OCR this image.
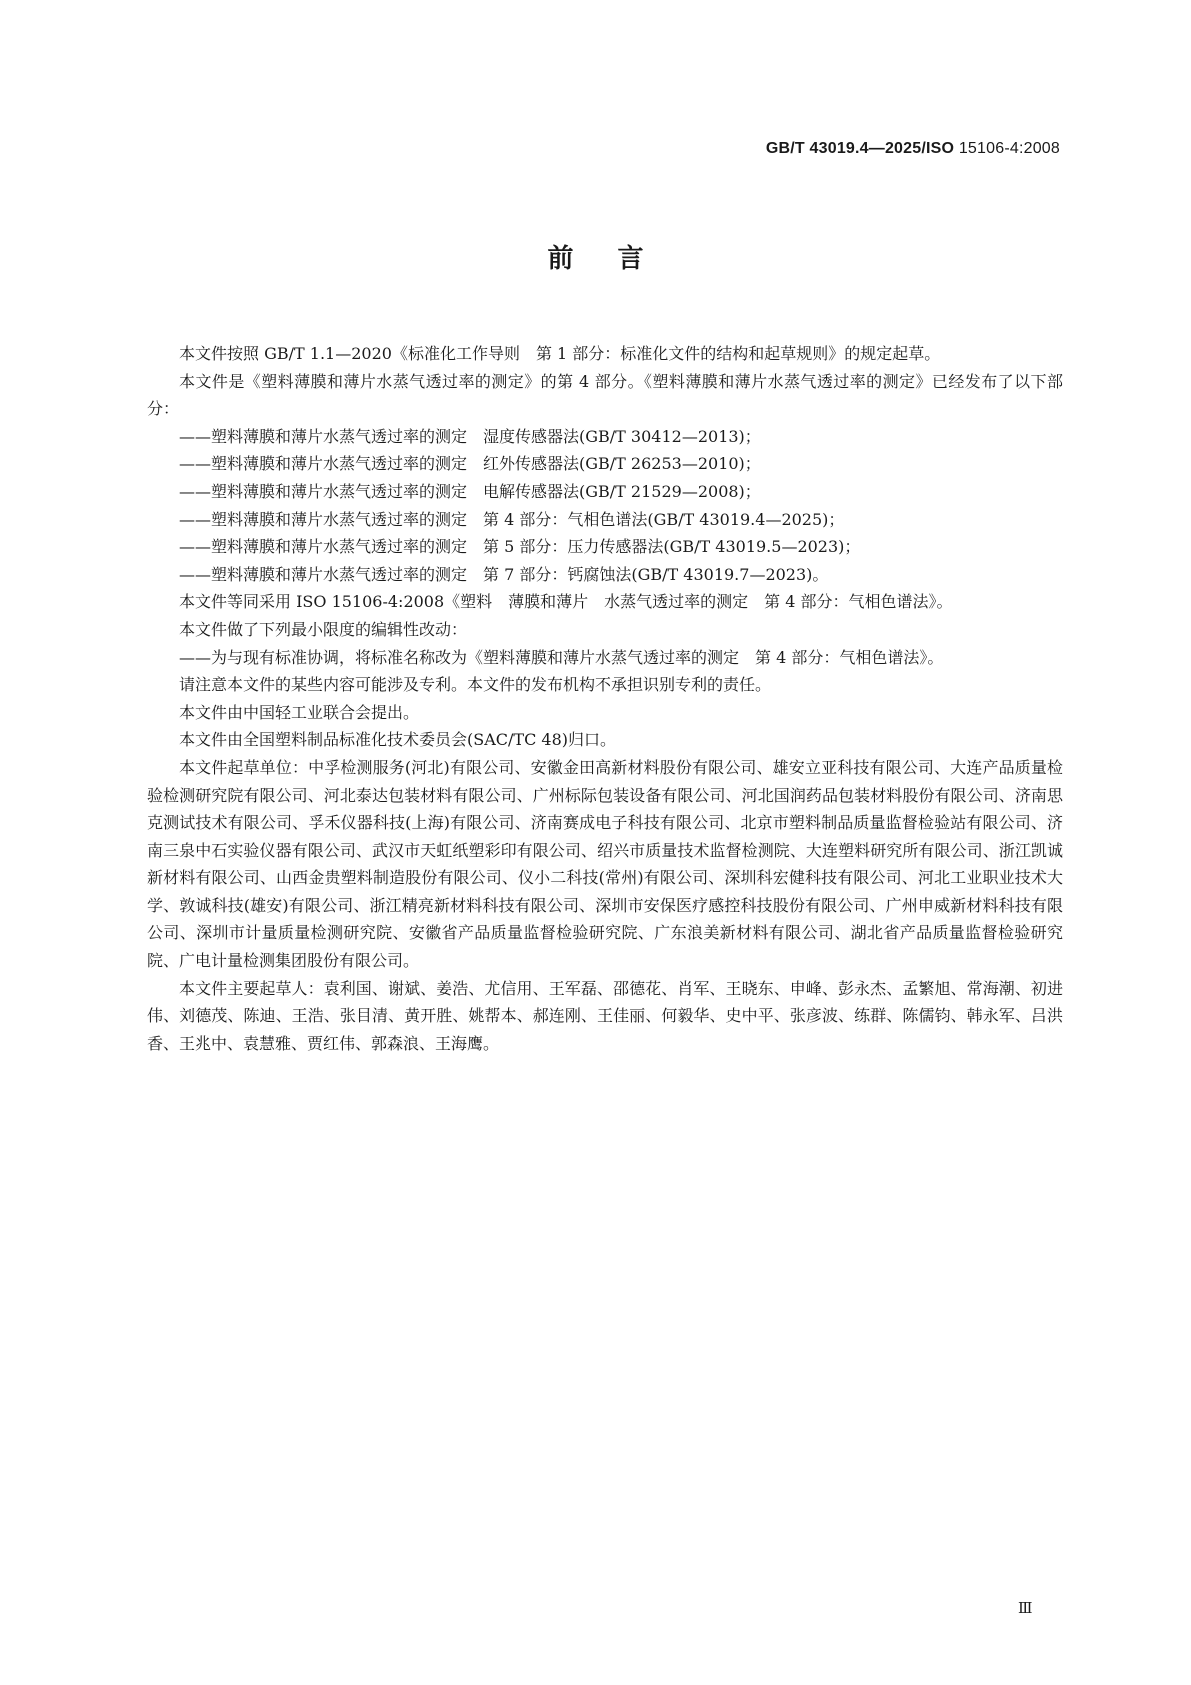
GB/T 43019.4—2025/ISO 15106-4:2008
前言

本文件按照 GB/T 1.1—2020《标准化工作导则　第 1 部分：标准化文件的结构和起草规则》的规定起草。

本文件是《塑料薄膜和薄片水蒸气透过率的测定》的第 4 部分。《塑料薄膜和薄片水蒸气透过率的测定》已经发布了以下部分：

——塑料薄膜和薄片水蒸气透过率的测定　湿度传感器法(GB/T 30412—2013)；

——塑料薄膜和薄片水蒸气透过率的测定　红外传感器法(GB/T 26253—2010)；

——塑料薄膜和薄片水蒸气透过率的测定　电解传感器法(GB/T 21529—2008)；

——塑料薄膜和薄片水蒸气透过率的测定　第 4 部分：气相色谱法(GB/T 43019.4—2025)；

——塑料薄膜和薄片水蒸气透过率的测定　第 5 部分：压力传感器法(GB/T 43019.5—2023)；

——塑料薄膜和薄片水蒸气透过率的测定　第 7 部分：钙腐蚀法(GB/T 43019.7—2023)。

本文件等同采用 ISO 15106-4:2008《塑料　薄膜和薄片　水蒸气透过率的测定　第 4 部分：气相色谱法》。

本文件做了下列最小限度的编辑性改动：

——为与现有标准协调，将标准名称改为《塑料薄膜和薄片水蒸气透过率的测定　第 4 部分：气相色谱法》。

请注意本文件的某些内容可能涉及专利。本文件的发布机构不承担识别专利的责任。

本文件由中国轻工业联合会提出。

本文件由全国塑料制品标准化技术委员会(SAC/TC 48)归口。

本文件起草单位：中孚检测服务(河北)有限公司、安徽金田高新材料股份有限公司、雄安立亚科技有限公司、大连产品质量检验检测研究院有限公司、河北泰达包装材料有限公司、广州标际包装设备有限公司、河北国润药品包装材料股份有限公司、济南思克测试技术有限公司、孚禾仪器科技(上海)有限公司、济南赛成电子科技有限公司、北京市塑料制品质量监督检验站有限公司、济南三泉中石实验仪器有限公司、武汉市天虹纸塑彩印有限公司、绍兴市质量技术监督检测院、大连塑料研究所有限公司、浙江凯诚新材料有限公司、山西金贵塑料制造股份有限公司、仪小二科技(常州)有限公司、深圳科宏健科技有限公司、河北工业职业技术大学、敦诚科技(雄安)有限公司、浙江精亮新材料科技有限公司、深圳市安保医疗感控科技股份有限公司、广州申威新材料科技有限公司、深圳市计量质量检测研究院、安徽省产品质量监督检验研究院、广东浪美新材料有限公司、湖北省产品质量监督检验研究院、广电计量检测集团股份有限公司。

本文件主要起草人：袁利国、谢斌、姜浩、尤信用、王军磊、邵德花、肖军、王晓东、申峰、彭永杰、孟繁旭、常海潮、初进伟、刘德茂、陈迪、王浩、张目清、黄开胜、姚帮本、郝连刚、王佳丽、何毅华、史中平、张彦波、练群、陈儒钧、韩永军、吕洪香、王兆中、袁慧雅、贾红伟、郭森浪、王海鹰。

Ⅲ
